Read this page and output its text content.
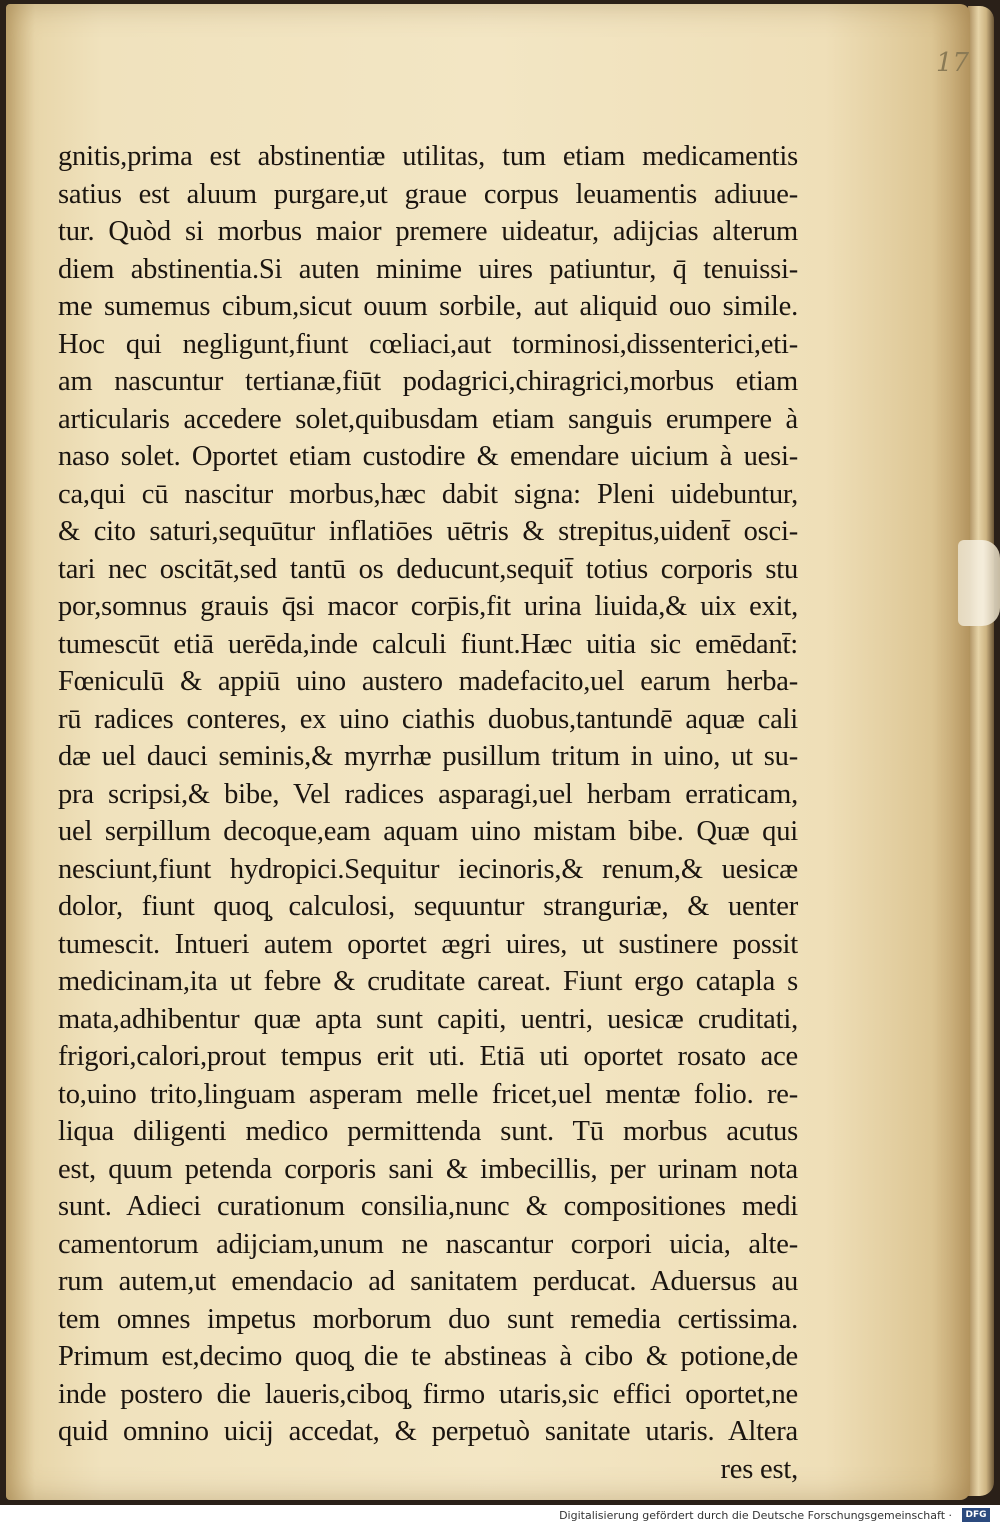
17
gnitis,prima est abstinentiæ utilitas, tum etiam medicamentis
satius est aluum purgare,ut graue corpus leuamentis adiuue-
tur. Quòd si morbus maior premere uideatur, adijcias alterum
diem abstinentia.Si auten minime uires patiuntur, q̄ tenuissi-
me sumemus cibum,sicut ouum sorbile, aut aliquid ouo simile.
Hoc qui negligunt,fiunt cœliaci,aut torminosi,dissenterici,eti-
am nascuntur tertianæ,fiūt podagrici,chiragrici,morbus etiam
articularis accedere solet,quibusdam etiam sanguis erumpere à
naso solet. Oportet etiam custodire & emendare uicium à uesi-
ca,qui cū nascitur morbus,hæc dabit signa: Pleni uidebuntur,
& cito saturi,sequūtur inflatiōes uētris & strepitus,uident̄ osci-
tari nec oscitāt,sed tantū os deducunt,sequit̄ totius corporis stu
por,somnus grauis q̄si macor corp̄is,fit urina liuida,& uix exit,
tumescūt etiā uerēda,inde calculi fiunt.Hæc uitia sic emēdant̄:
Fœniculū & appiū uino austero madefacito,uel earum herba-
rū radices conteres, ex uino ciathis duobus,tantundē aquæ cali
dæ uel dauci seminis,& myrrhæ pusillum tritum in uino, ut su-
pra scripsi,& bibe, Vel radices asparagi,uel herbam erraticam,
uel serpillum decoque,eam aquam uino mistam bibe. Quæ qui
nesciunt,fiunt hydropici.Sequitur iecinoris,& renum,& uesicæ
dolor, fiunt quoq̧ calculosi, sequuntur stranguriæ, & uenter
tumescit. Intueri autem oportet ægri uires, ut sustinere possit
medicinam,ita ut febre & cruditate careat. Fiunt ergo catapla s
mata,adhibentur quæ apta sunt capiti, uentri, uesicæ cruditati,
frigori,calori,prout tempus erit uti. Etiā uti oportet rosato ace
to,uino trito,linguam asperam melle fricet,uel mentæ folio. re-
liqua diligenti medico permittenda sunt. Tū morbus acutus
est, quum petenda corporis sani & imbecillis, per urinam nota
sunt. Adieci curationum consilia,nunc & compositiones medi
camentorum adijciam,unum ne nascantur corpori uicia, alte-
rum autem,ut emendacio ad sanitatem perducat. Aduersus au
tem omnes impetus morborum duo sunt remedia certissima.
Primum est,decimo quoq̧ die te abstineas à cibo & potione,de
inde postero die laueris,ciboq̧ firmo utaris,sic effici oportet,ne
quid omnino uicij accedat, & perpetuò sanitate utaris. Altera
res est,
Digitalisierung gefördert durch die Deutsche Forschungsgemeinschaft ·	DFG
